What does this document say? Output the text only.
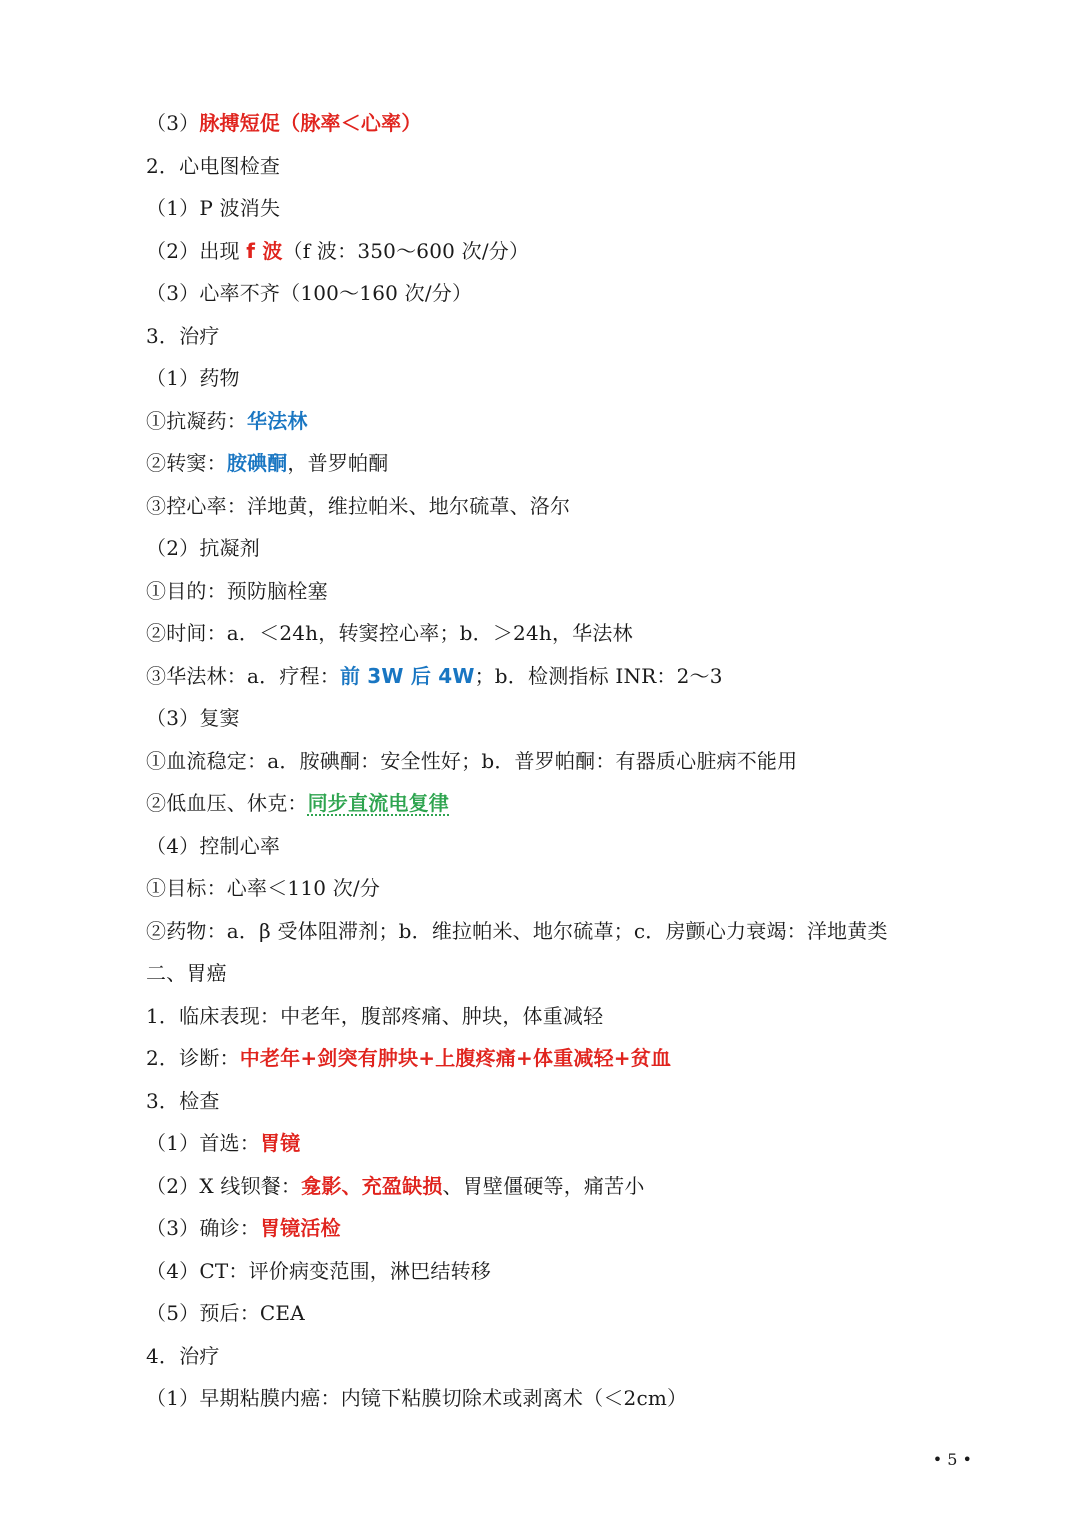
（3）脉搏短促（脉率＜心率）
2．心电图检查
（1）P 波消失
（2）出现 f 波（f 波：350～600 次/分）
（3）心率不齐（100～160 次/分）
3．治疗
（1）药物
①抗凝药：华法林
②转窦：胺碘酮，普罗帕酮
③控心率：洋地黄，维拉帕米、地尔硫䓬、洛尔
（2）抗凝剂
①目的：预防脑栓塞
②时间：a．＜24h，转窦控心率；b．＞24h，华法林
③华法林：a．疗程：前 3W 后 4W；b．检测指标 INR：2～3
（3）复窦
①血流稳定：a．胺碘酮：安全性好；b．普罗帕酮：有器质心脏病不能用
②低血压、休克：同步直流电复律
（4）控制心率
①目标：心率＜110 次/分
②药物：a．β 受体阻滞剂；b．维拉帕米、地尔硫䓬；c．房颤心力衰竭：洋地黄类
二、胃癌
1．临床表现：中老年，腹部疼痛、肿块，体重减轻
2．诊断：中老年+剑突有肿块+上腹疼痛+体重减轻+贫血
3．检查
（1）首选：胃镜
（2）X 线钡餐：龛影、充盈缺损、胃壁僵硬等，痛苦小
（3）确诊：胃镜活检
（4）CT：评价病变范围，淋巴结转移
（5）预后：CEA
4．治疗
（1）早期粘膜内癌：内镜下粘膜切除术或剥离术（＜2cm）
• 5 •
